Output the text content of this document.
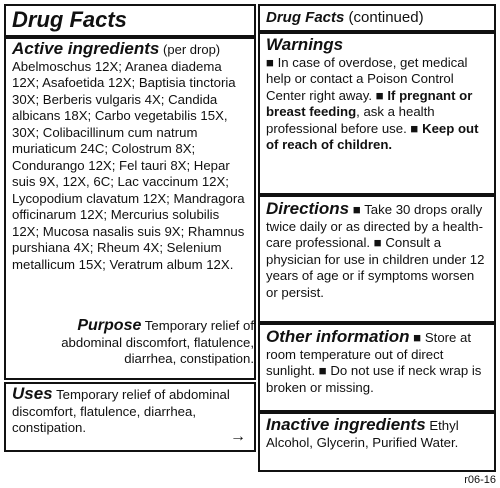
Drug Facts
Active ingredients (per drop)
Abelmoschus 12X; Aranea diadema 12X; Asafoetida 12X; Baptisia tinctoria 30X; Berberis vulgaris 4X; Candida albicans 18X; Carbo vegetabilis 15X, 30X; Colibacillinum cum natrum muriaticum 24C; Colostrum 8X; Condurango 12X; Fel tauri 8X; Hepar suis 9X, 12X, 6C; Lac vaccinum 12X; Lycopodium clavatum 12X; Mandragora officinarum 12X; Mercurius solubilis 12X; Mucosa nasalis suis 9X; Rhamnus purshiana 4X; Rheum 4X; Selenium metallicum 15X; Veratrum album 12X.
Purpose Temporary relief of abdominal discomfort, flatulence, diarrhea, constipation.
Uses Temporary relief of abdominal discomfort, flatulence, diarrhea, constipation.
→
Drug Facts (continued)
Warnings
■ In case of overdose, get medical help or contact a Poison Control Center right away. ■ If pregnant or breast feeding, ask a health professional before use. ■ Keep out of reach of children.
Directions ■ Take 30 drops orally twice daily or as directed by a health-care professional. ■ Consult a physician for use in children under 12 years of age or if symptoms worsen or persist.
Other information ■ Store at room temperature out of direct sunlight. ■ Do not use if neck wrap is broken or missing.
Inactive ingredients Ethyl Alcohol, Glycerin, Purified Water.
r06-16
